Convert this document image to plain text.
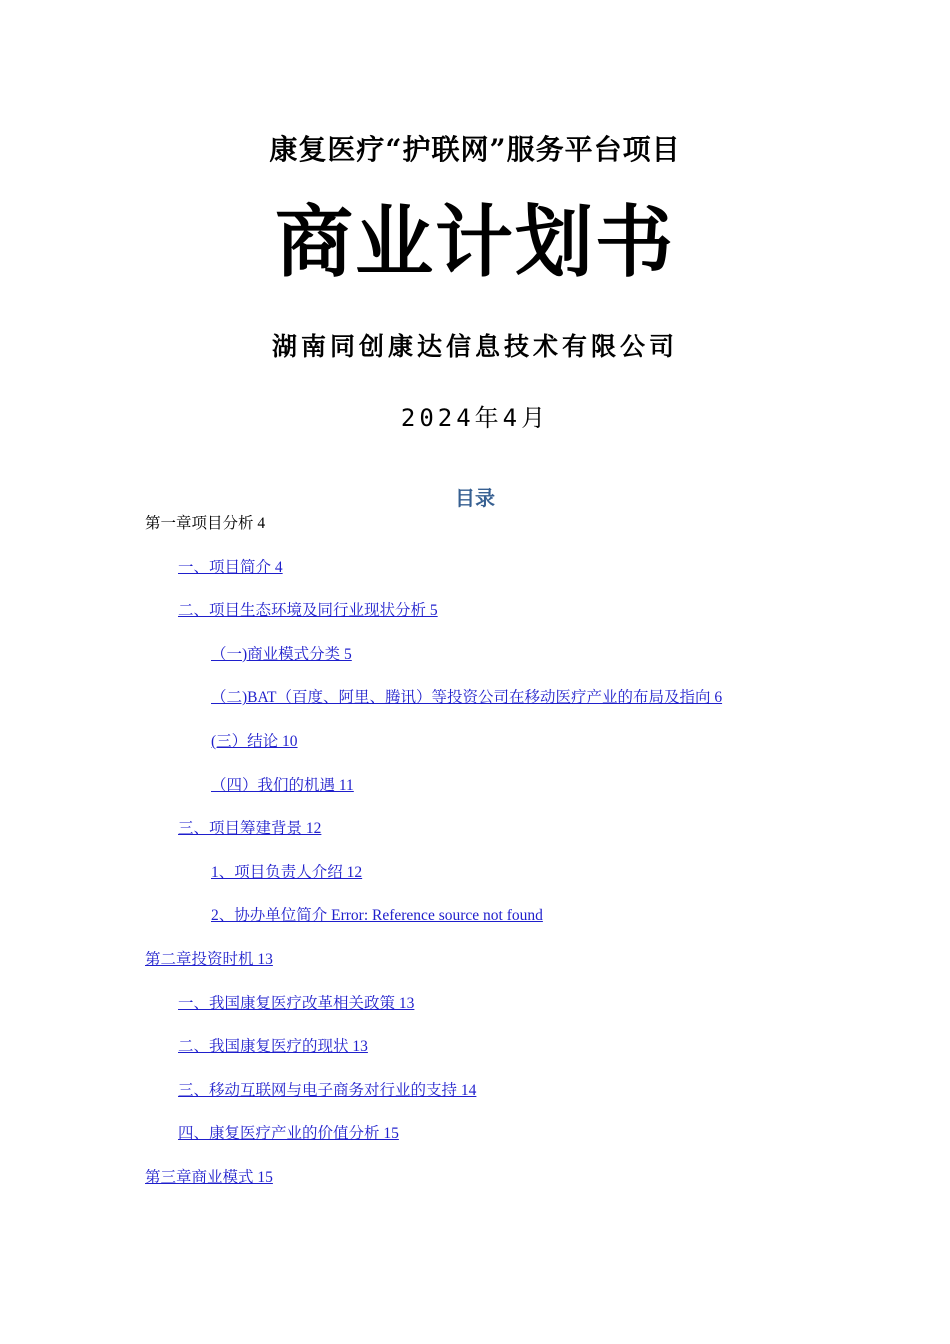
康复医疗“护联网”服务平台项目
商业计划书
湖南同创康达信息技术有限公司
2024年4月
目录
第一章项目分析 4
一、项目简介 4
二、项目生态环境及同行业现状分析 5
（一)商业模式分类 5
（二)BAT（百度、阿里、腾讯）等投资公司在移动医疗产业的布局及指向 6
(三）结论 10
（四）我们的机遇 11
三、项目筹建背景 12
1、项目负责人介绍 12
2、协办单位简介 Error: Reference source not found
第二章投资时机 13
一、我国康复医疗改革相关政策 13
二、我国康复医疗的现状 13
三、移动互联网与电子商务对行业的支持 14
四、康复医疗产业的价值分析 15
第三章商业模式 15
